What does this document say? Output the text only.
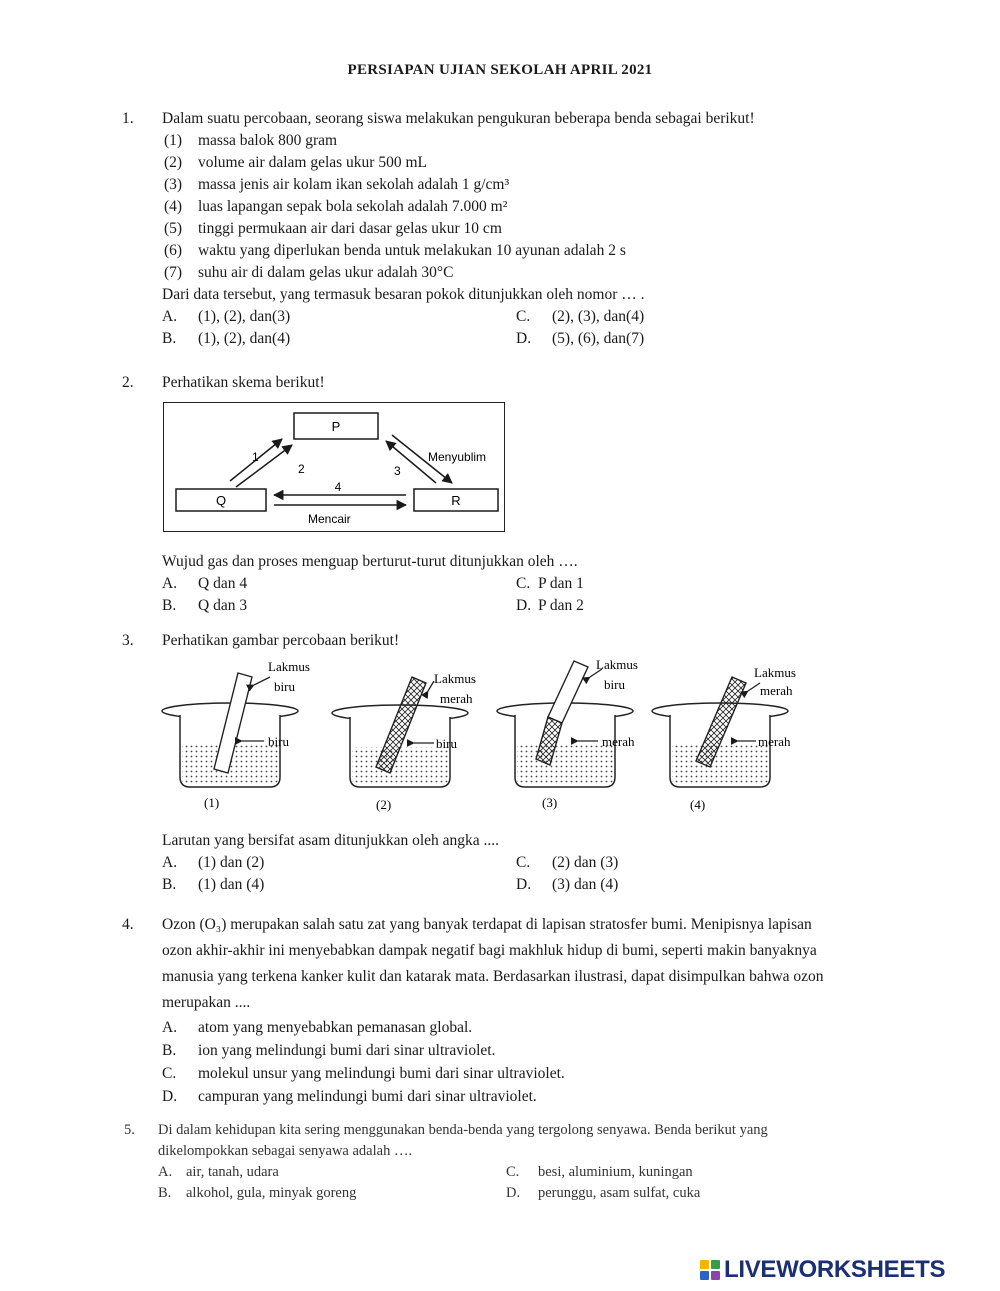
PERSIAPAN UJIAN SEKOLAH APRIL 2021
1. Dalam suatu percobaan, seorang siswa melakukan pengukuran beberapa benda sebagai berikut!
(1) massa balok 800 gram
(2) volume air dalam gelas ukur 500 mL
(3) massa jenis air kolam ikan sekolah adalah 1 g/cm³
(4) luas lapangan sepak bola sekolah adalah 7.000 m²
(5) tinggi permukaan air dari dasar gelas ukur 10 cm
(6) waktu yang diperlukan benda untuk melakukan 10 ayunan adalah 2 s
(7) suhu air di dalam gelas ukur adalah 30°C
Dari data tersebut, yang termasuk besaran pokok ditunjukkan oleh nomor … .
A. (1), (2), dan(3)
B. (1), (2), dan(4)
C. (2), (3), dan(4)
D. (5), (6), dan(7)
2. Perhatikan skema berikut!
P
Q	R
1
2	3
4
Menyublim
Mencair
Wujud gas dan proses menguap berturut-turut ditunjukkan oleh ….
A. Q dan 4
B. Q dan 3
C. P dan 1
D. P dan 2
3. Perhatikan gambar percobaan berikut!
Lakmus
biru
biru
(1)
Lakmus
merah
biru
(2)
Lakmus
biru
merah
(3)
Lakmus
merah
merah
(4)
Larutan yang bersifat asam ditunjukkan oleh angka ....
A. (1) dan (2)
B. (1) dan (4)
C. (2) dan (3)
D. (3) dan (4)
4. Ozon (O₃) merupakan salah satu zat yang banyak terdapat di lapisan stratosfer bumi. Menipisnya lapisan
ozon akhir-akhir ini menyebabkan dampak negatif bagi makhluk hidup di bumi, seperti makin banyaknya
manusia yang terkena kanker kulit dan katarak mata. Berdasarkan ilustrasi, dapat disimpulkan bahwa ozon
merupakan ....
A. atom yang menyebabkan pemanasan global.
B. ion yang melindungi bumi dari sinar ultraviolet.
C. molekul unsur yang melindungi bumi dari sinar ultraviolet.
D. campuran yang melindungi bumi dari sinar ultraviolet.
5. Di dalam kehidupan kita sering menggunakan benda-benda yang tergolong senyawa. Benda berikut yang
dikelompokkan sebagai senyawa adalah ….
A. air, tanah, udara
B. alkohol, gula, minyak goreng
C. besi, aluminium, kuningan
D. perunggu, asam sulfat, cuka
LIVEWORKSHEETS
